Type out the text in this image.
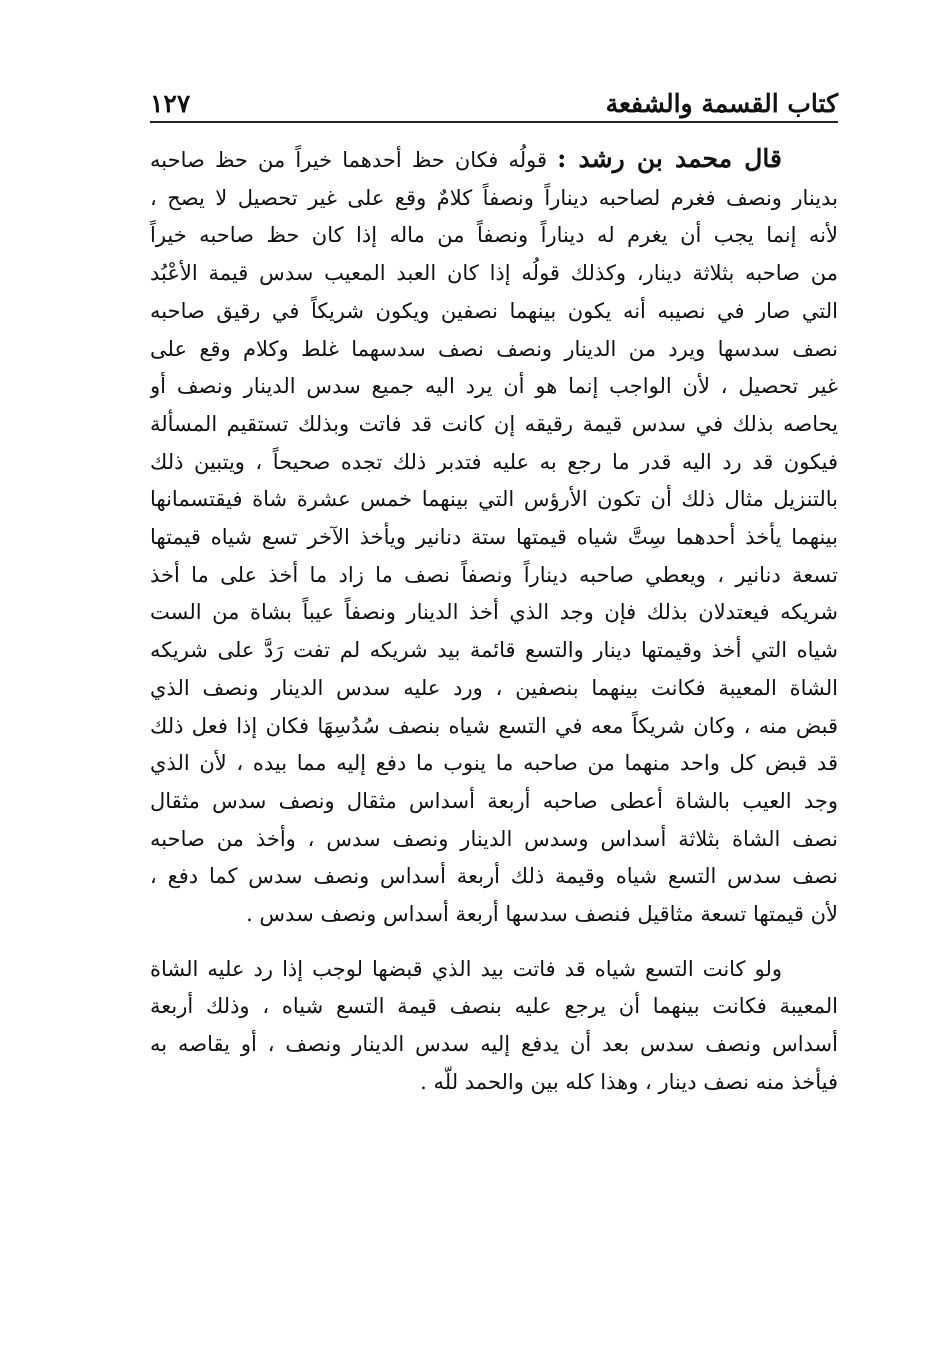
كتاب القسمة والشفعة
١٢٧
قال محمد بن رشد : قولُه فكان حظ أحدهما خيراً من حظ صاحبه
بدينار ونصف فغرم لصاحبه ديناراً ونصفاً كلامٌ وقع على غير تحصيل لا يصح ،
لأنه إنما يجب أن يغرم له ديناراً ونصفاً من ماله إذا كان حظ صاحبه خيراً
من صاحبه بثلاثة دينار، وكذلك قولُه إذا كان العبد المعيب سدس قيمة الأعْبُد
التي صار في نصيبه أنه يكون بينهما نصفين ويكون شريكاً في رقيق صاحبه
نصف سدسها ويرد من الدينار ونصف نصف سدسهما غلط وكلام وقع على
غير تحصيل ، لأن الواجب إنما هو أن يرد اليه جميع سدس الدينار ونصف أو
يحاصه بذلك في سدس قيمة رقيقه إن كانت قد فاتت وبذلك تستقيم المسألة
فيكون قد رد اليه قدر ما رجع به عليه فتدبر ذلك تجده صحيحاً ، ويتبين ذلك
بالتنزيل مثال ذلك أن تكون الأرؤس التي بينهما خمس عشرة شاة فيقتسمانها
بينهما يأخذ أحدهما سِتَّ شياه قيمتها ستة دنانير ويأخذ الآخر تسع شياه قيمتها
تسعة دنانير ، ويعطي صاحبه ديناراً ونصفاً نصف ما زاد ما أخذ على ما أخذ
شريكه فيعتدلان بذلك فإن وجد الذي أخذ الدينار ونصفاً عيباً بشاة من الست
شياه التي أخذ وقيمتها دينار والتسع قائمة بيد شريكه لم تفت رَدَّ على شريكه
الشاة المعيبة فكانت بينهما بنصفين ، ورد عليه سدس الدينار ونصف الذي
قبض منه ، وكان شريكاً معه في التسع شياه بنصف سُدُسِهَا فكان إذا فعل ذلك
قد قبض كل واحد منهما من صاحبه ما ينوب ما دفع إليه مما بيده ، لأن الذي
وجد العيب بالشاة أعطى صاحبه أربعة أسداس مثقال ونصف سدس مثقال
نصف الشاة بثلاثة أسداس وسدس الدينار ونصف سدس ، وأخذ من صاحبه
نصف سدس التسع شياه وقيمة ذلك أربعة أسداس ونصف سدس كما دفع ،
لأن قيمتها تسعة مثاقيل فنصف سدسها أربعة أسداس ونصف سدس .
ولو كانت التسع شياه قد فاتت بيد الذي قبضها لوجب إذا رد عليه الشاة
المعيبة فكانت بينهما أن يرجع عليه بنصف قيمة التسع شياه ، وذلك أربعة
أسداس ونصف سدس بعد أن يدفع إليه سدس الدينار ونصف ، أو يقاصه به
فيأخذ منه نصف دينار ، وهذا كله بين والحمد للّه .
